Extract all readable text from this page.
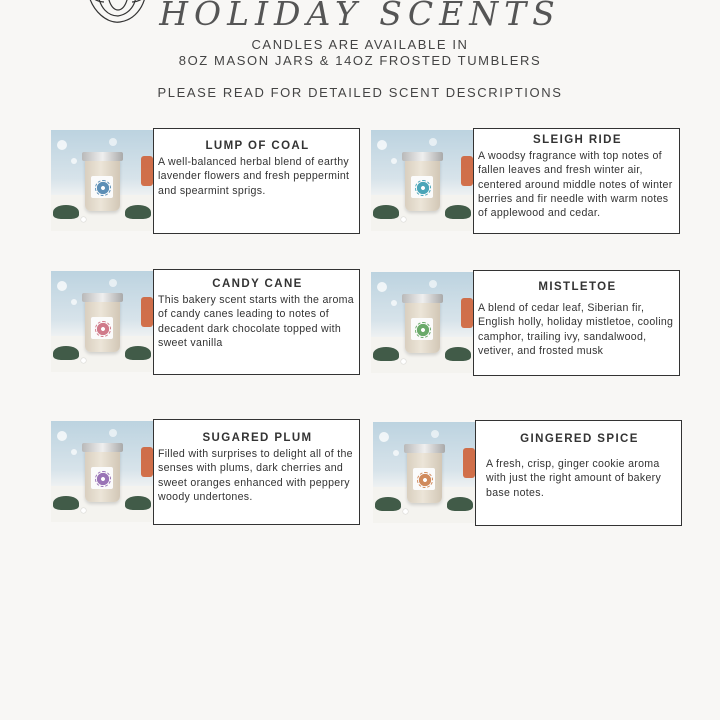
HOLIDAY SCENTS
CANDLES ARE AVAILABLE IN
8OZ MASON JARS & 14OZ FROSTED TUMBLERS
PLEASE READ FOR DETAILED SCENT DESCRIPTIONS
LUMP OF COAL

A well-balanced herbal blend of earthy lavender flowers and fresh peppermint and spearmint sprigs.

SLEIGH RIDE

A woodsy fragrance with top notes of fallen leaves and fresh winter air, centered around middle notes of winter berries and fir needle with warm notes of applewood and cedar.

CANDY CANE

This bakery scent starts with the aroma of candy canes leading to notes of decadent dark chocolate topped with sweet vanilla

MISTLETOE

A blend of cedar leaf, Siberian fir, English holly, holiday mistletoe, cooling camphor, trailing ivy, sandalwood, vetiver, and frosted musk

SUGARED PLUM

Filled with surprises to delight all of the senses with plums, dark cherries and sweet oranges enhanced with peppery woody undertones.

GINGERED SPICE

A fresh, crisp, ginger cookie aroma with just the right amount of bakery base notes.
